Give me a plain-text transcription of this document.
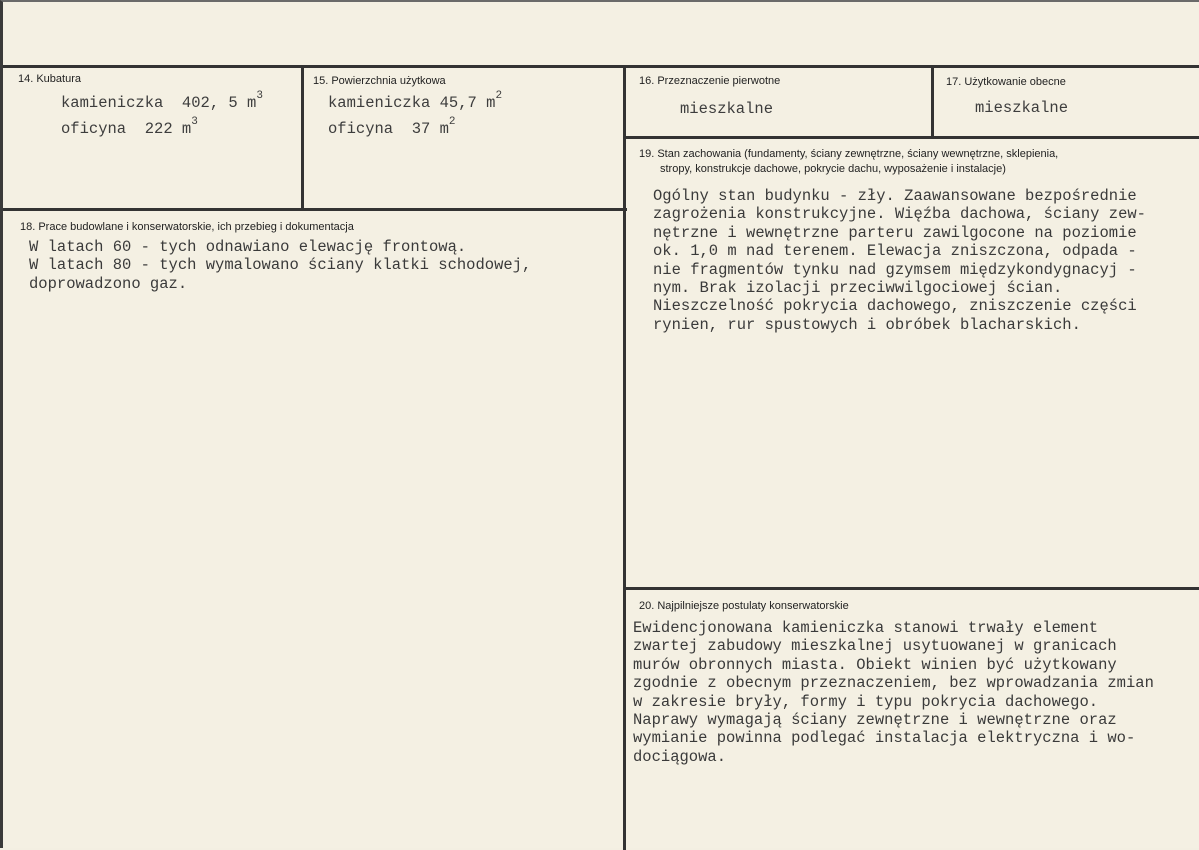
14. Kubatura
kamieniczka  402, 5 $m^3$
oficyna  222 $m^3$
15. Powierzchnia użytkowa
kamieniczka 45,7 $m^2$
oficyna  37 $m^2$
16. Przeznaczenie pierwotne
mieszkalne
17. Użytkowanie obecne
mieszkalne
18. Prace budowlane i konserwatorskie, ich przebieg i dokumentacja
W latach 60 - tych odnawiano elewację frontową.
W latach 80 - tych wymalowano ściany klatki schodowej,
doprowadzono gaz.
19. Stan zachowania (fundamenty, ściany zewnętrzne, ściany wewnętrzne, sklepienia,
stropy, konstrukcje dachowe, pokrycie dachu, wyposażenie i instalacje)
Ogólny stan budynku - zły. Zaawansowane bezpośrednie
zagrożenia konstrukcyjne. Więźba dachowa, ściany zew-
nętrzne i wewnętrzne parteru zawilgocone na poziomie
ok. 1,0 m nad terenem. Elewacja zniszczona, odpada -
nie fragmentów tynku nad gzymsem międzykondygnacyj -
nym. Brak izolacji przeciwwilgociowej ścian.
Nieszczelność pokrycia dachowego, zniszczenie części
rynien, rur spustowych i obróbek blacharskich.
20. Najpilniejsze postulaty konserwatorskie
Ewidencjonowana kamieniczka stanowi trwały element
zwartej zabudowy mieszkalnej usytuowanej w granicach
murów obronnych miasta. Obiekt winien być użytkowany
zgodnie z obecnym przeznaczeniem, bez wprowadzania zmian
w zakresie bryły, formy i typu pokrycia dachowego.
Naprawy wymagają ściany zewnętrzne i wewnętrzne oraz
wymianie powinna podlegać instalacja elektryczna i wo-
dociągowa.
